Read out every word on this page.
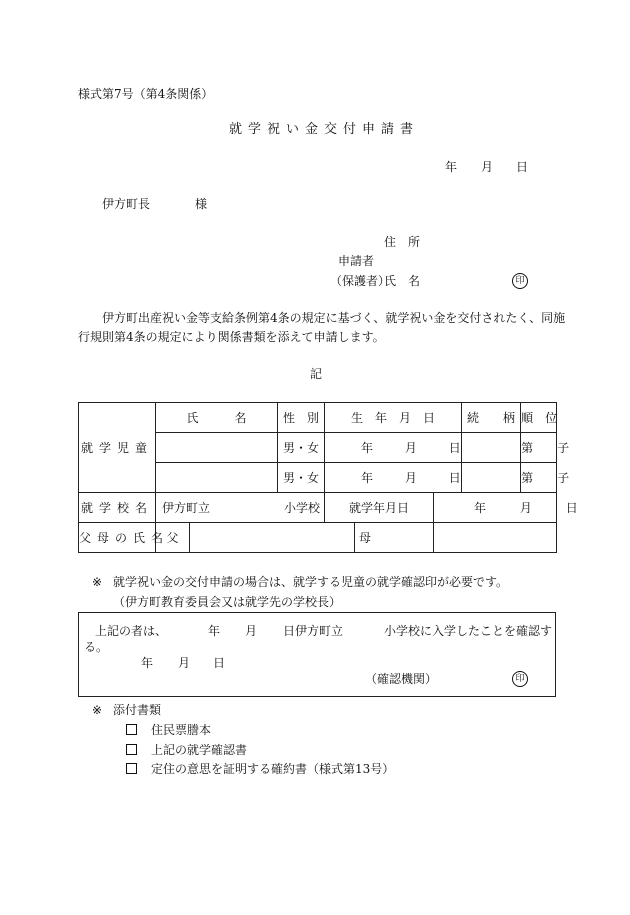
様式第7号（第4条関係）
就学祝い金交付申請書
年 月 日
伊方町長	様
住　所
申請者
（保護者）
氏　名	印
伊方町出産祝い金等支給条例第4条の規定に基づく、就学祝い金を交付されたく、同施
行規則第4条の規定により関係書類を添えて申請します。
記
就学児童	氏　　　名		性　別	生　年　月　日			続　　柄	順　位
			男・女	年 月 日				第　　子
			男・女	年 月 日				第　　子
就学校名	伊方町立 小学校			就学年月日		年 月 日		
父母の氏名	父				母			
※ 就学祝い金の交付申請の場合は、就学する児童の就学確認印が必要です。
（伊方町教育委員会又は就学先の学校長）
上記の者は、	年 月 日伊方町立	小学校に入学したことを確認す
る。
年 月 日
（確認機関）	印
※ 添付書類
住民票謄本
上記の就学確認書
定住の意思を証明する確約書（様式第13号）
